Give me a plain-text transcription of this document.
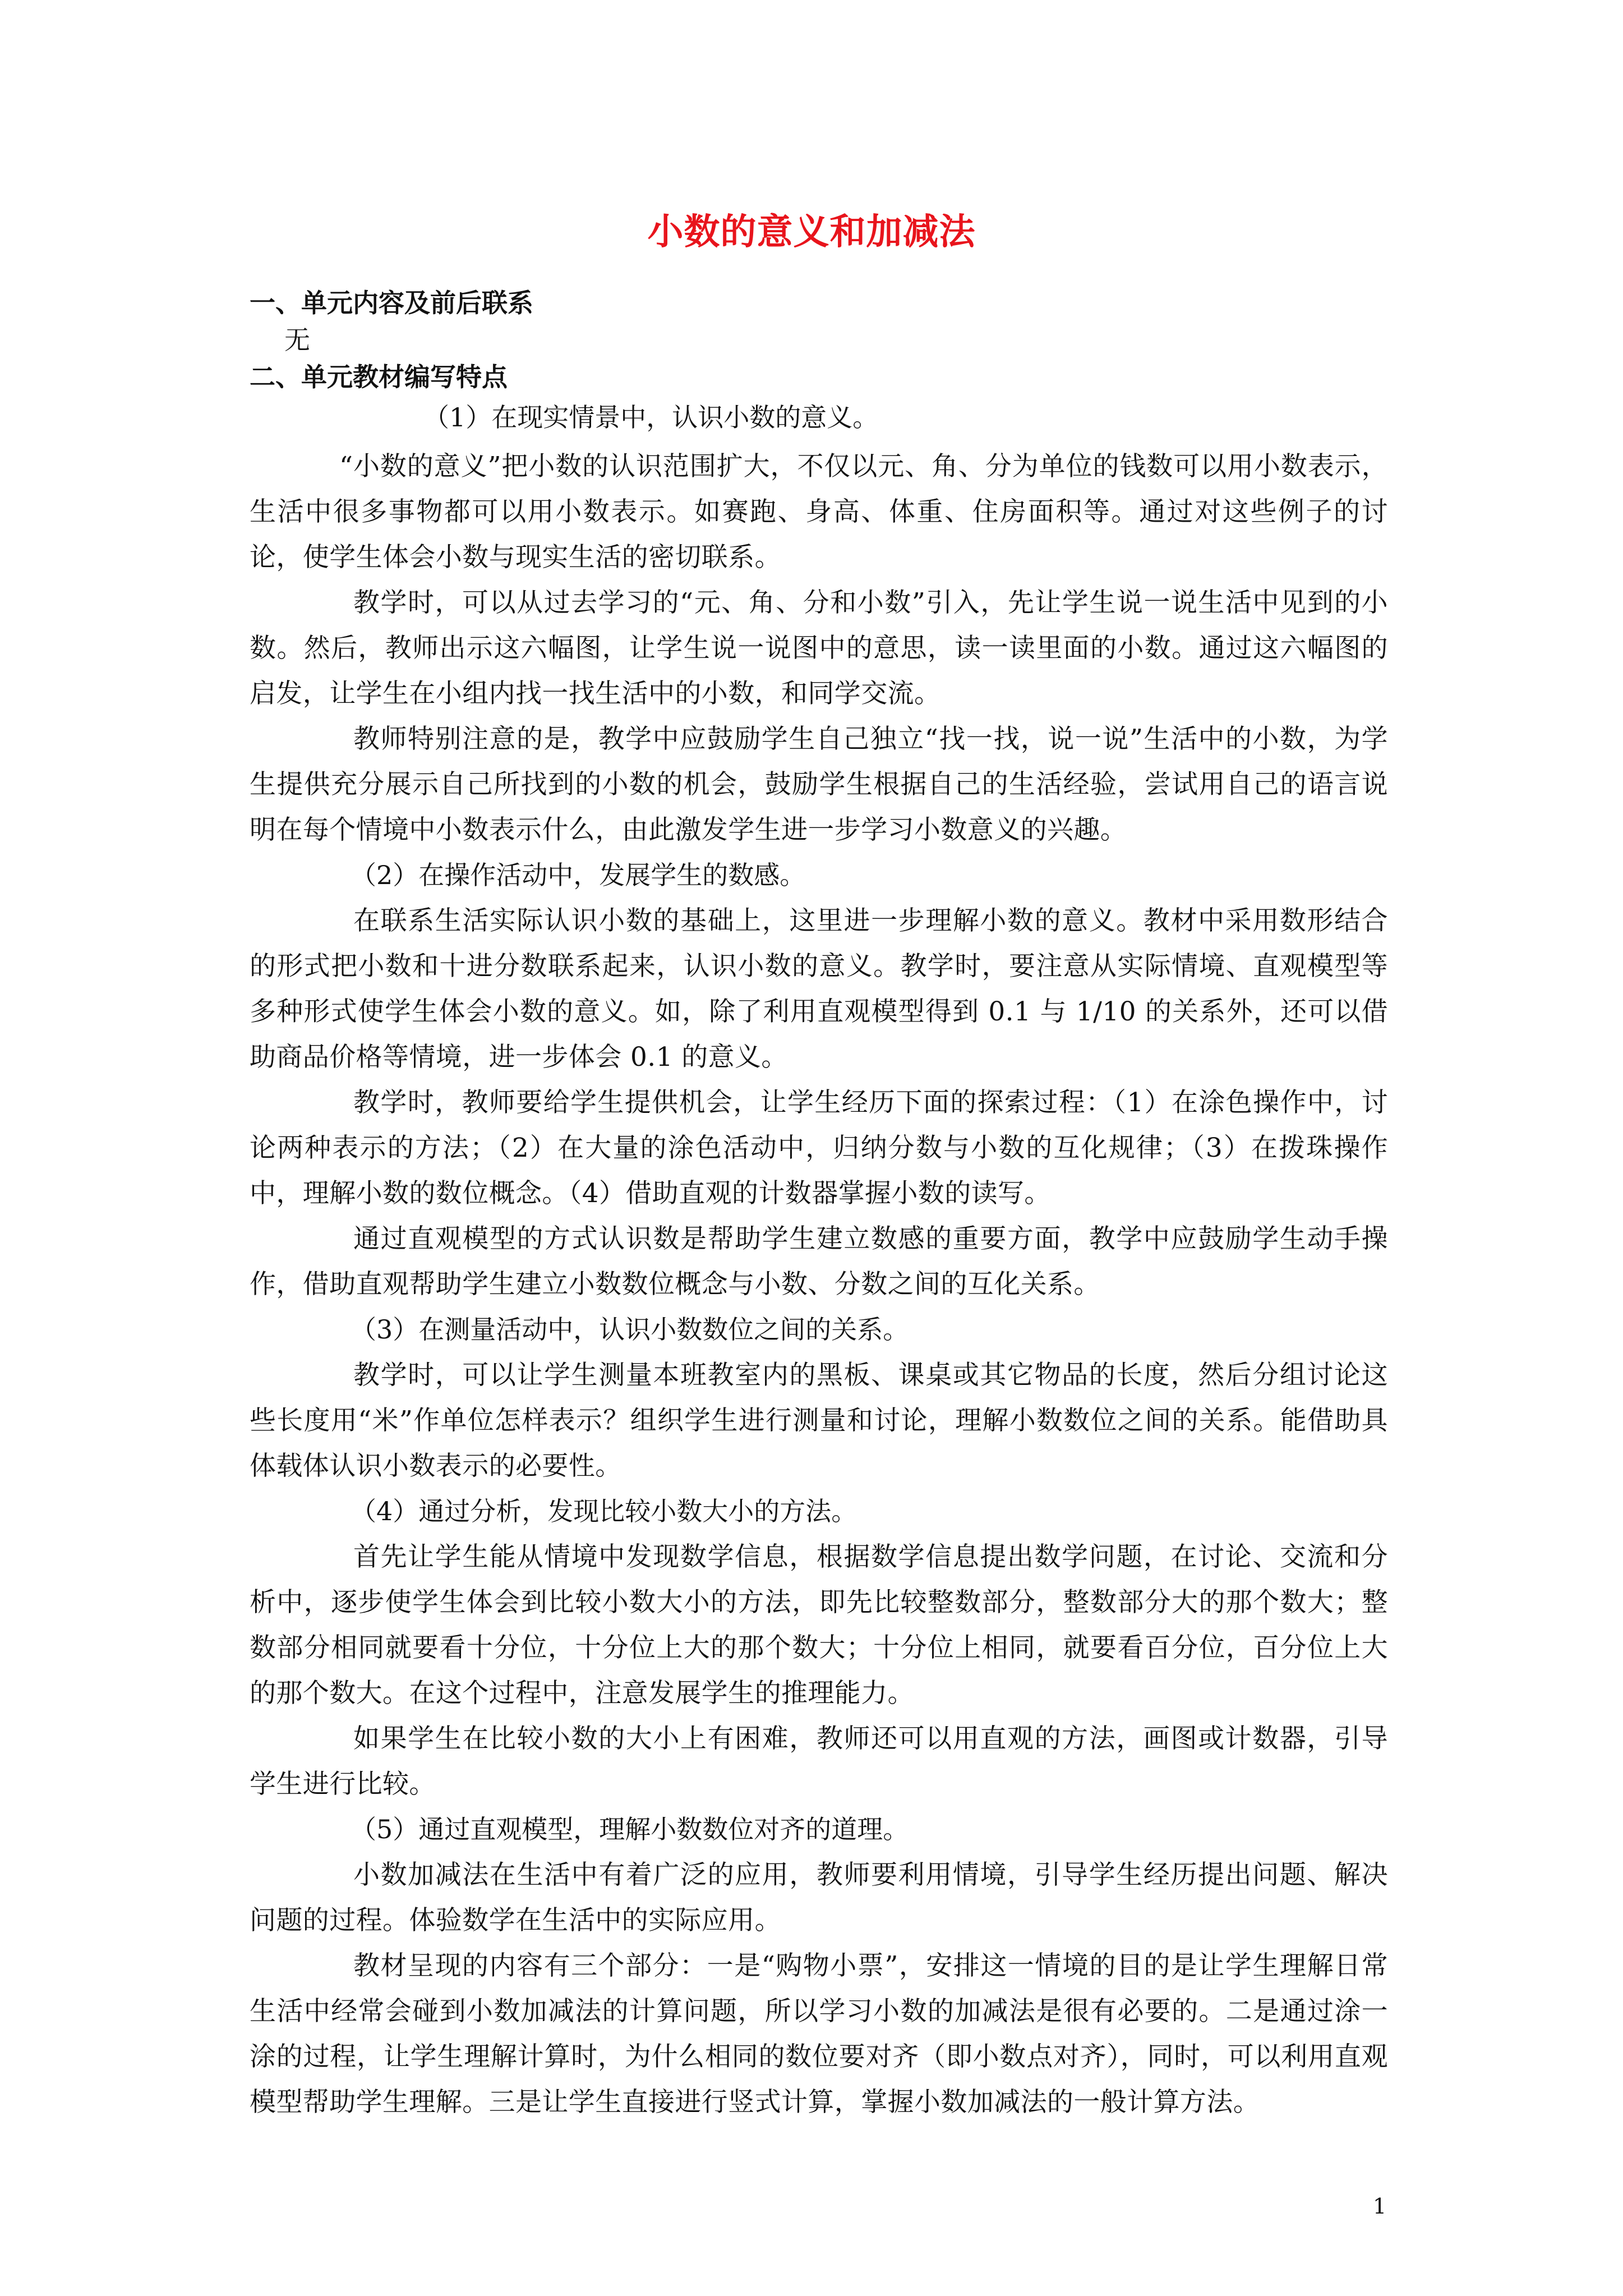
小数的意义和加减法

一、单元内容及前后联系

无

二、单元教材编写特点

（1）在现实情景中，认识小数的意义。

“小数的意义”把小数的认识范围扩大，不仅以元、角、分为单位的钱数可以用小数表示，生活中很多事物都可以用小数表示。如赛跑、身高、体重、住房面积等。通过对这些例子的讨论，使学生体会小数与现实生活的密切联系。

教学时，可以从过去学习的“元、角、分和小数”引入，先让学生说一说生活中见到的小数。然后，教师出示这六幅图，让学生说一说图中的意思，读一读里面的小数。通过这六幅图的启发，让学生在小组内找一找生活中的小数，和同学交流。

教师特别注意的是，教学中应鼓励学生自己独立“找一找，说一说”生活中的小数，为学生提供充分展示自己所找到的小数的机会，鼓励学生根据自己的生活经验，尝试用自己的语言说明在每个情境中小数表示什么，由此激发学生进一步学习小数意义的兴趣。

（2）在操作活动中，发展学生的数感。

在联系生活实际认识小数的基础上，这里进一步理解小数的意义。教材中采用数形结合的形式把小数和十进分数联系起来，认识小数的意义。教学时，要注意从实际情境、直观模型等多种形式使学生体会小数的意义。如，除了利用直观模型得到 0.1 与 1/10 的关系外，还可以借助商品价格等情境，进一步体会 0.1 的意义。

教学时，教师要给学生提供机会，让学生经历下面的探索过程：（1）在涂色操作中，讨论两种表示的方法；（2）在大量的涂色活动中，归纳分数与小数的互化规律；（3）在拨珠操作中，理解小数的数位概念。（4）借助直观的计数器掌握小数的读写。

通过直观模型的方式认识数是帮助学生建立数感的重要方面，教学中应鼓励学生动手操作，借助直观帮助学生建立小数数位概念与小数、分数之间的互化关系。

（3）在测量活动中，认识小数数位之间的关系。

教学时，可以让学生测量本班教室内的黑板、课桌或其它物品的长度，然后分组讨论这些长度用“米”作单位怎样表示？组织学生进行测量和讨论，理解小数数位之间的关系。能借助具体载体认识小数表示的必要性。

（4）通过分析，发现比较小数大小的方法。

首先让学生能从情境中发现数学信息，根据数学信息提出数学问题，在讨论、交流和分析中，逐步使学生体会到比较小数大小的方法，即先比较整数部分，整数部分大的那个数大；整数部分相同就要看十分位，十分位上大的那个数大；十分位上相同，就要看百分位，百分位上大的那个数大。在这个过程中，注意发展学生的推理能力。

如果学生在比较小数的大小上有困难，教师还可以用直观的方法，画图或计数器，引导学生进行比较。

（5）通过直观模型，理解小数数位对齐的道理。

小数加减法在生活中有着广泛的应用，教师要利用情境，引导学生经历提出问题、解决问题的过程。体验数学在生活中的实际应用。

教材呈现的内容有三个部分：一是“购物小票”，安排这一情境的目的是让学生理解日常生活中经常会碰到小数加减法的计算问题，所以学习小数的加减法是很有必要的。二是通过涂一涂的过程，让学生理解计算时，为什么相同的数位要对齐（即小数点对齐），同时，可以利用直观模型帮助学生理解。三是让学生直接进行竖式计算，掌握小数加减法的一般计算方法。

1
